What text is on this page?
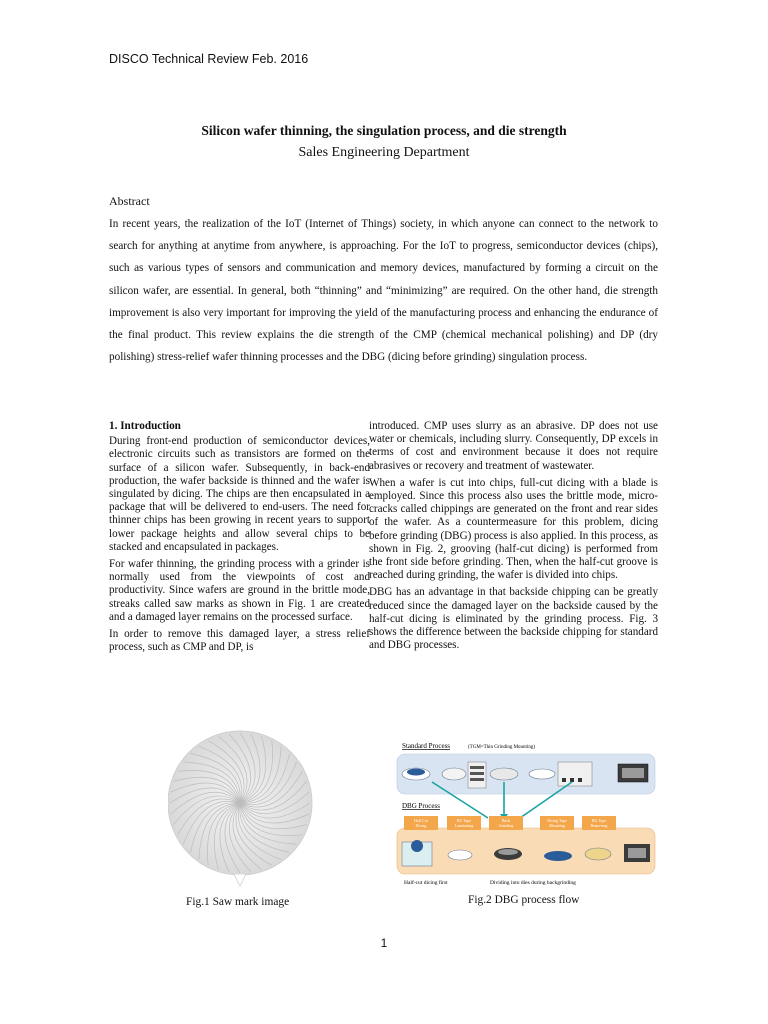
DISCO Technical Review Feb. 2016
Silicon wafer thinning, the singulation process, and die strength
Sales Engineering Department
Abstract
In recent years, the realization of the IoT (Internet of Things) society, in which anyone can connect to the network to search for anything at anytime from anywhere, is approaching. For the IoT to progress, semiconductor devices (chips), such as various types of sensors and communication and memory devices, manufactured by forming a circuit on the silicon wafer, are essential. In general, both “thinning” and “minimizing” are required. On the other hand, die strength improvement is also very important for improving the yield of the manufacturing process and enhancing the endurance of the final product. This review explains the die strength of the CMP (chemical mechanical polishing) and DP (dry polishing) stress-relief wafer thinning processes and the DBG (dicing before grinding) singulation process.
1. Introduction

During front-end production of semiconductor devices, electronic circuits such as transistors are formed on the surface of a silicon wafer. Subsequently, in back-end production, the wafer backside is thinned and the wafer is singulated by dicing. The chips are then encapsulated in a package that will be delivered to end-users. The need for thinner chips has been growing in recent years to support lower package heights and allow several chips to be stacked and encapsulated in packages.

For wafer thinning, the grinding process with a grinder is normally used from the viewpoints of cost and productivity. Since wafers are ground in the brittle mode, streaks called saw marks as shown in Fig. 1 are created and a damaged layer remains on the processed surface.

In order to remove this damaged layer, a stress relief process, such as CMP and DP, is

introduced. CMP uses slurry as an abrasive. DP does not use water or chemicals, including slurry. Consequently, DP excels in terms of cost and environment because it does not require abrasives or recovery and treatment of wastewater.

When a wafer is cut into chips, full-cut dicing with a blade is employed. Since this process also uses the brittle mode, micro-cracks called chippings are generated on the front and rear sides of the wafer. As a countermeasure for this problem, dicing before grinding (DBG) process is also applied. In this process, as shown in Fig. 2, grooving (half-cut dicing) is performed from the front side before grinding. Then, when the half-cut groove is reached during grinding, the wafer is divided into chips.

DBG has an advantage in that backside chipping can be greatly reduced since the damaged layer on the backside caused by the half-cut dicing is eliminated by the grinding process. Fig. 3 shows the difference between the backside chipping for standard and DBG processes.

Fig.1 Saw mark image
Standard Process	(TGM=Thin Grinding Mounting)
DBG Process
Half Cut Dicing
BG Tape Laminating
Back Grinding
Dicing Tape Mounting
BG Tape Removing
Half-cut dicing first	Dividing into dies during backgrinding
Fig.2 DBG process flow
1
